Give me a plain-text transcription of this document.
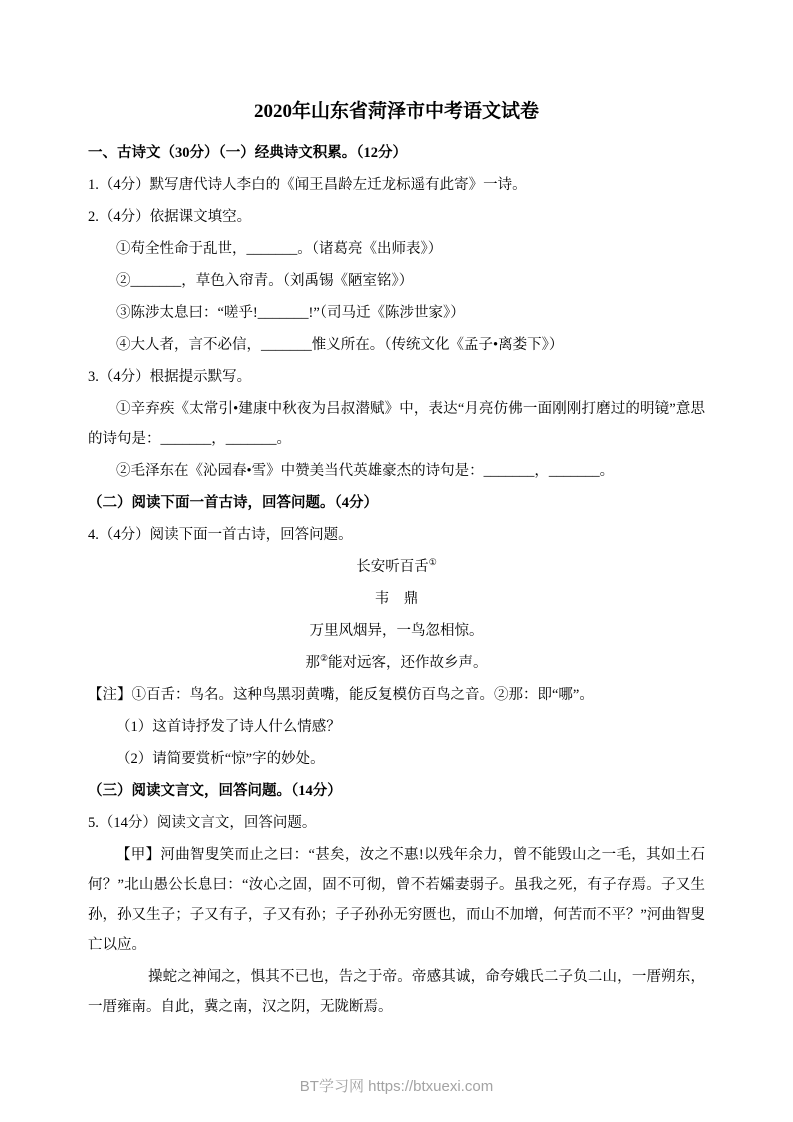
2020年山东省菏泽市中考语文试卷

一、古诗文（30分）（一）经典诗文积累。（12分）

1.（4分）默写唐代诗人李白的《闻王昌龄左迁龙标遥有此寄》一诗。

2.（4分）依据课文填空。

①苟全性命于乱世，_______。（诸葛亮《出师表》）

②_______，草色入帘青。（刘禹锡《陋室铭》）

③陈涉太息曰：“嗟乎!_______!”（司马迁《陈涉世家》）

④大人者，言不必信，_______惟义所在。（传统文化《孟子•离娄下》）

3.（4分）根据提示默写。

①辛弃疾《太常引•建康中秋夜为吕叔潜赋》中，表达“月亮仿佛一面刚刚打磨过的明镜”意思的诗句是：_______，_______。

②毛泽东在《沁园春•雪》中赞美当代英雄豪杰的诗句是：_______，_______。

（二）阅读下面一首古诗，回答问题。（4分）

4.（4分）阅读下面一首古诗，回答问题。

长安听百舌①

韦　鼎

万里风烟异，一鸟忽相惊。

那②能对远客，还作故乡声。

【注】①百舌：鸟名。这种鸟黑羽黄嘴，能反复模仿百鸟之音。②那：即“哪”。

（1）这首诗抒发了诗人什么情感？

（2）请简要赏析“惊”字的妙处。

（三）阅读文言文，回答问题。（14分）

5.（14分）阅读文言文，回答问题。

【甲】河曲智叟笑而止之曰：“甚矣，汝之不惠!以残年余力，曾不能毁山之一毛，其如土石何？”北山愚公长息曰：“汝心之固，固不可彻，曾不若孀妻弱子。虽我之死，有子存焉。子又生孙，孙又生子；子又有子，子又有孙；子子孙孙无穷匮也，而山不加增，何苦而不平？”河曲智叟亡以应。

操蛇之神闻之，惧其不已也，告之于帝。帝感其诚，命夸娥氏二子负二山，一厝朔东，一厝雍南。自此，冀之南，汉之阴，无陇断焉。

BT学习网 https://btxuexi.com
